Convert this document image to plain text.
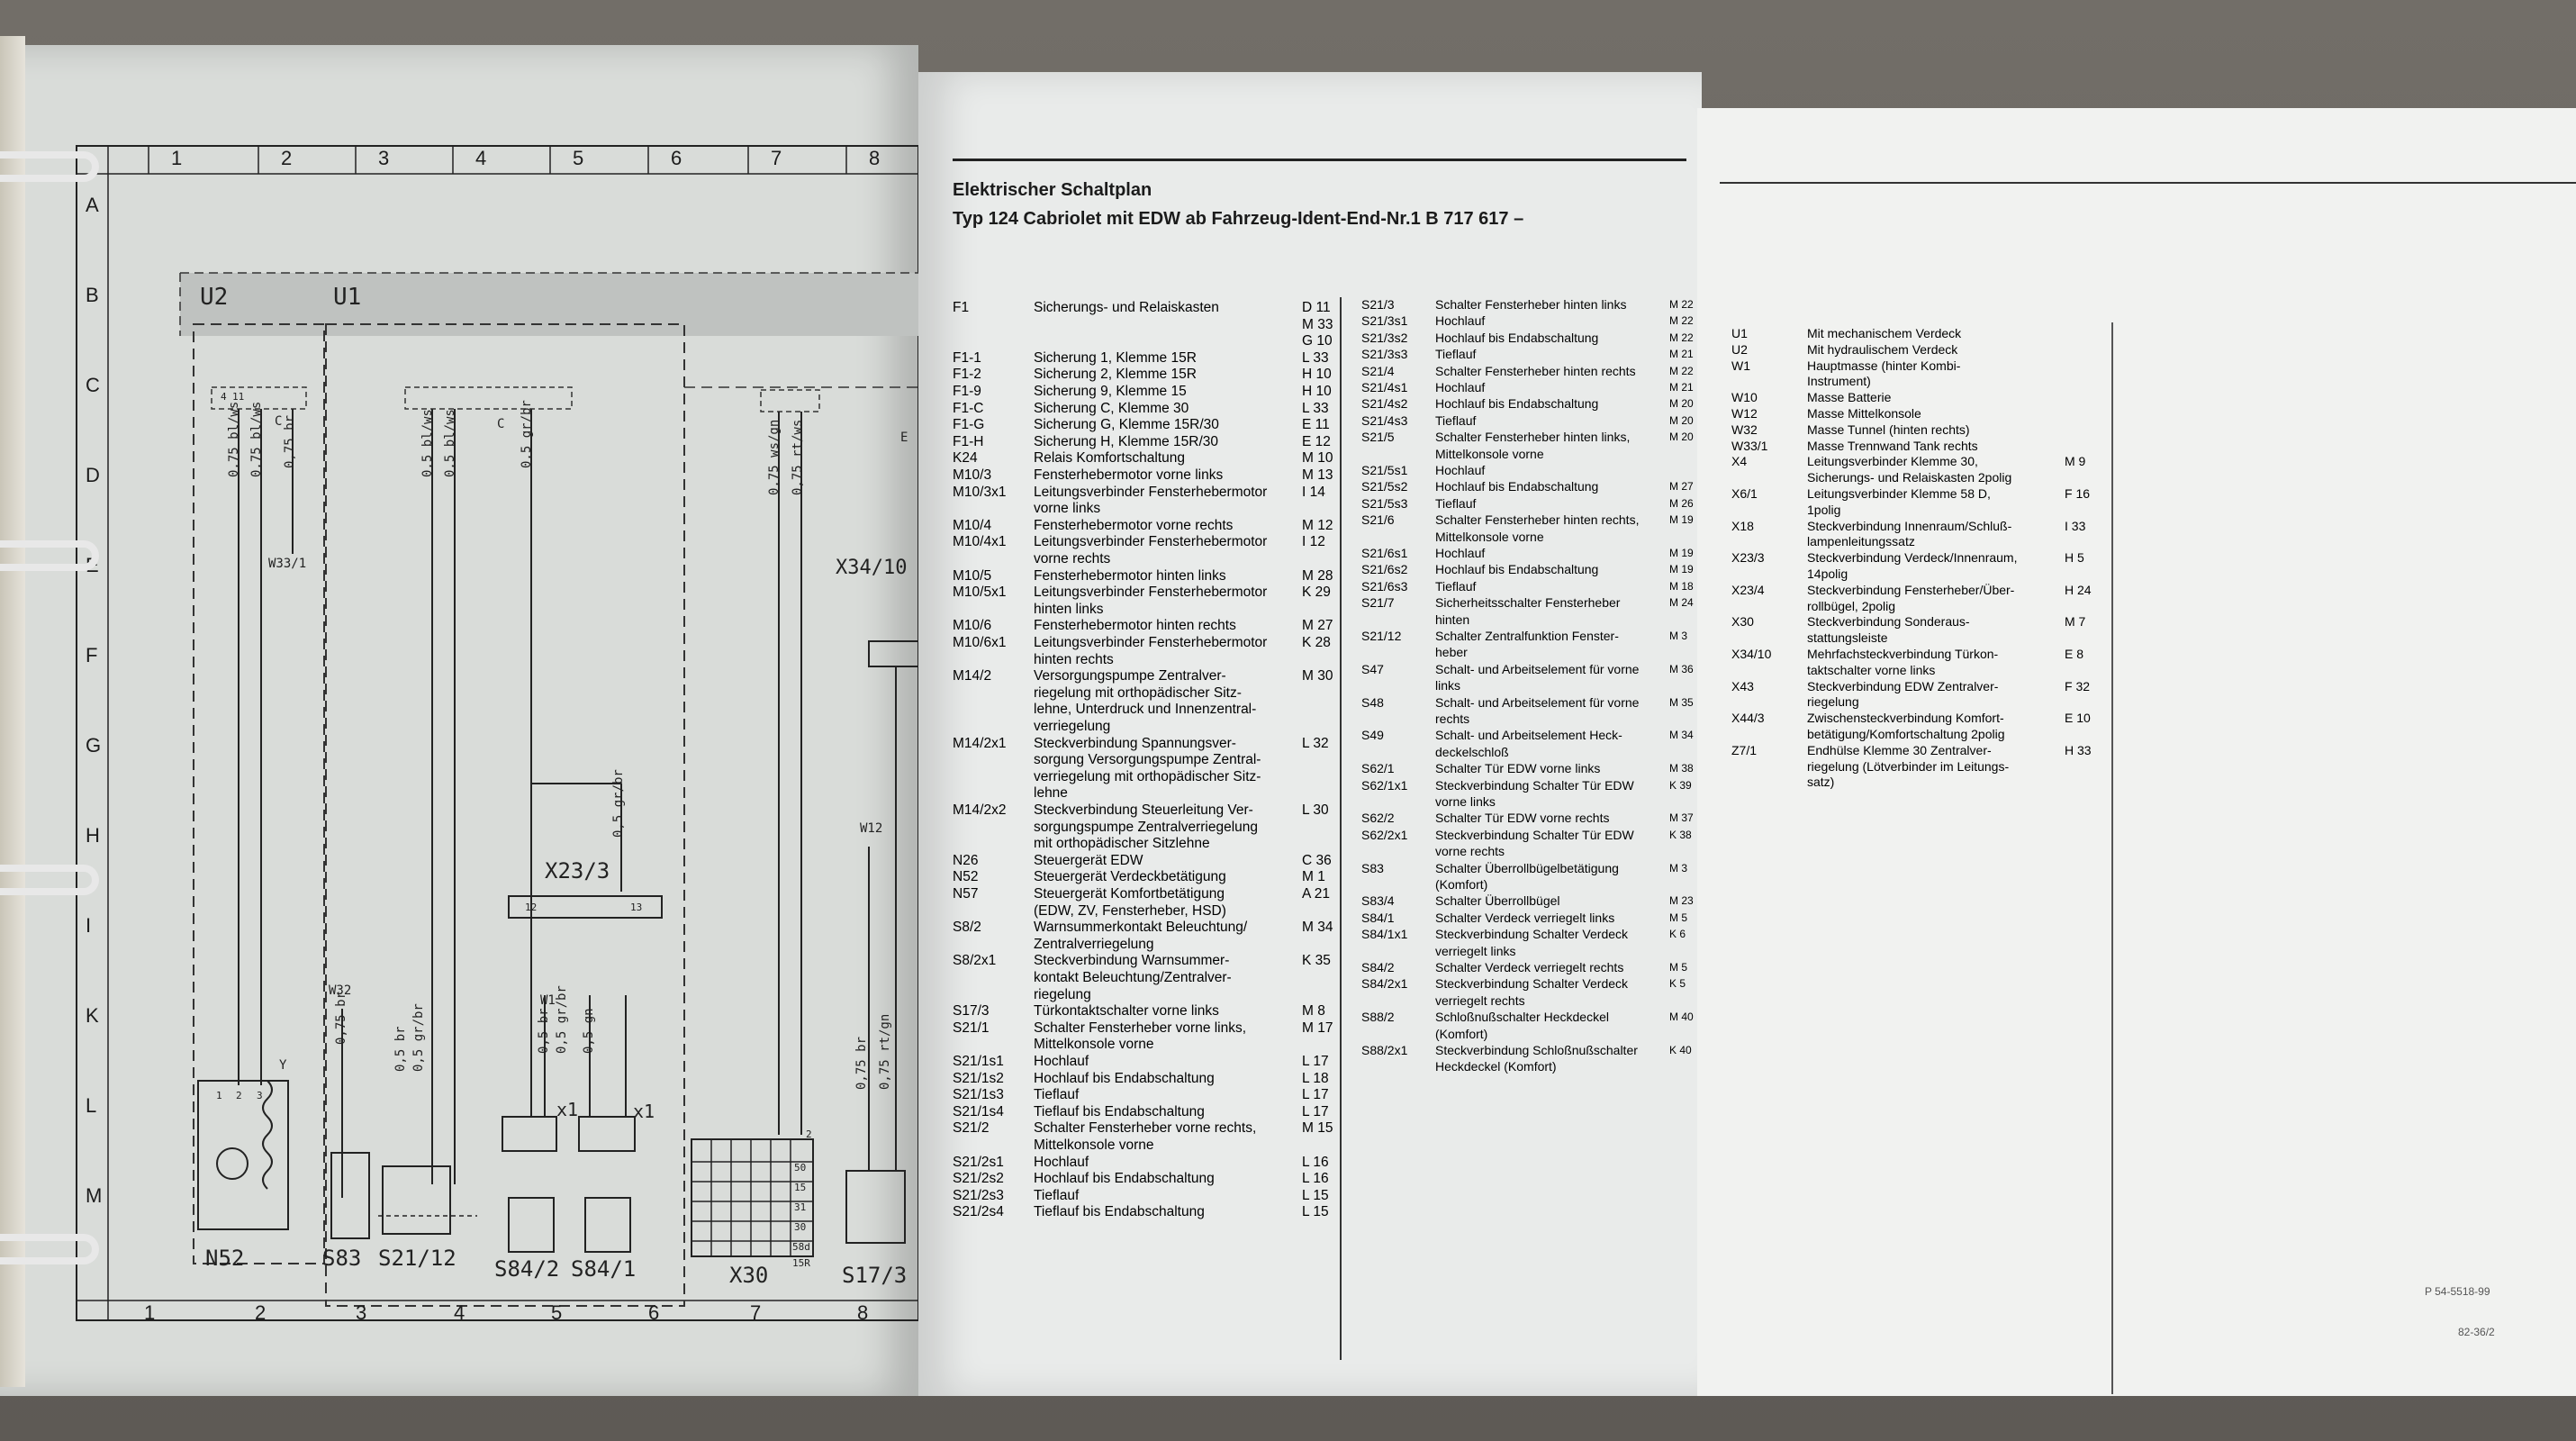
U2	U1
X34/10
X23/3
W12
W33/1
W32
W1
x1	x1
Y
C	C
E
N52	S83 S21/12 S84/2 S84/1	X30	S17/3
0,75 bl/ws 0,75 bl/ws 0,75 br	0,5 bl/ws 0,5 bl/ws	0,5 gr/br	0,75 ws/gn 0,75 rt/ws
0,5 gr/br
0,75 br
0,5 br 0,5 gr/br	0,5 br 0,5 gr/br 0,5 gn
0,75 br 0,75 rt/gn
50
15
31
30
58d
15R
1 2 3
4 11
12	13
2
1
1
2
2
3
3
4
4
5
5
6
6
7
7
8
8
A
B
C
D
E
F
G
H
I
K
L
M
Elektrischer Schaltplan
Typ 124 Cabriolet mit EDW ab Fahrzeug-Ident-End-Nr.1 B 717 617 –
F1	Sicherungs- und Relaiskasten	D 11
M 33
G 10
F1-1	Sicherung 1, Klemme 15R	L 33
F1-2	Sicherung 2, Klemme 15R	H 10
F1-9	Sicherung 9, Klemme 15	H 10
F1-C	Sicherung C, Klemme 30	L 33
F1-G	Sicherung G, Klemme 15R/30	E 11
F1-H	Sicherung H, Klemme 15R/30	E 12
K24	Relais Komfortschaltung	M 10
M10/3	Fensterhebermotor vorne links	M 13
M10/3x1 Leitungsverbinder Fensterhebermotor I 14
vorne links
M10/4	Fensterhebermotor vorne rechts	M 12
M10/4x1 Leitungsverbinder Fensterhebermotor I 12
vorne rechts
M10/5	Fensterhebermotor hinten links	M 28
M10/5x1 Leitungsverbinder Fensterhebermotor K 29
hinten links
M10/6	Fensterhebermotor hinten rechts	M 27
M10/6x1 Leitungsverbinder Fensterhebermotor K 28
hinten rechts
M14/2	Versorgungspumpe Zentralver-	M 30
riegelung mit orthopädischer Sitz-
lehne, Unterdruck und Innenzentral-
verriegelung
M14/2x1 Steckverbindung Spannungsver-	L 32
sorgung Versorgungspumpe Zentral-
verriegelung mit orthopädischer Sitz-
lehne
M14/2x2 Steckverbindung Steuerleitung Ver-	L 30
sorgungspumpe Zentralverriegelung
mit orthopädischer Sitzlehne
N26	Steuergerät EDW	C 36
N52	Steuergerät Verdeckbetätigung	M 1
N57	Steuergerät Komfortbetätigung	A 21
(EDW, ZV, Fensterheber, HSD)
S8/2	Warnsummerkontakt Beleuchtung/	M 34
Zentralverriegelung
S8/2x1	Steckverbindung Warnsummer-	K 35
kontakt Beleuchtung/Zentralver-
riegelung
S17/3	Türkontaktschalter vorne links	M 8
S21/1	Schalter Fensterheber vorne links,	M 17
Mittelkonsole vorne
S21/1s1 Hochlauf	L 17
S21/1s2 Hochlauf bis Endabschaltung	L 18
S21/1s3 Tieflauf	L 17
S21/1s4 Tieflauf bis Endabschaltung	L 17
S21/2	Schalter Fensterheber vorne rechts,	M 15
Mittelkonsole vorne
S21/2s1 Hochlauf	L 16
S21/2s2 Hochlauf bis Endabschaltung	L 16
S21/2s3 Tieflauf	L 15
S21/2s4 Tieflauf bis Endabschaltung	L 15
S21/3	Schalter Fensterheber hinten links	M 22
S21/3s1 Hochlauf	M 22
S21/3s2 Hochlauf bis Endabschaltung	M 22
S21/3s3 Tieflauf	M 21
S21/4	Schalter Fensterheber hinten rechts	M 22
S21/4s1 Hochlauf	M 21
S21/4s2 Hochlauf bis Endabschaltung	M 20
S21/4s3 Tieflauf	M 20
S21/5	Schalter Fensterheber hinten links,	M 20
Mittelkonsole vorne
S21/5s1 Hochlauf
S21/5s2 Hochlauf bis Endabschaltung	M 27
S21/5s3 Tieflauf	M 26
S21/6	Schalter Fensterheber hinten rechts,	M 19
Mittelkonsole vorne
S21/6s1 Hochlauf	M 19
S21/6s2 Hochlauf bis Endabschaltung	M 19
S21/6s3 Tieflauf	M 18
S21/7	Sicherheitsschalter Fensterheber	M 24
hinten
S21/12	Schalter Zentralfunktion Fenster-	M 3
heber
S47	Schalt- und Arbeitselement für vorne	M 36
links
S48	Schalt- und Arbeitselement für vorne	M 35
rechts
S49	Schalt- und Arbeitselement Heck-	M 34
deckelschloß
S62/1	Schalter Tür EDW vorne links	M 38
S62/1x1 Steckverbindung Schalter Tür EDW	K 39
vorne links
S62/2	Schalter Tür EDW vorne rechts	M 37
S62/2x1 Steckverbindung Schalter Tür EDW	K 38
vorne rechts
S83	Schalter Überrollbügelbetätigung	M 3
(Komfort)
S83/4	Schalter Überrollbügel	M 23
S84/1	Schalter Verdeck verriegelt links	M 5
S84/1x1 Steckverbindung Schalter Verdeck	K 6
verriegelt links
S84/2	Schalter Verdeck verriegelt rechts	M 5
S84/2x1 Steckverbindung Schalter Verdeck	K 5
verriegelt rechts
S88/2	Schloßnußschalter Heckdeckel	M 40
(Komfort)
S88/2x1 Steckverbindung Schloßnußschalter	K 40
Heckdeckel (Komfort)
U1	Mit mechanischem Verdeck
U2	Mit hydraulischem Verdeck
W1	Hauptmasse (hinter Kombi-
Instrument)
W10	Masse Batterie
W12	Masse Mittelkonsole
W32	Masse Tunnel (hinten rechts)
W33/1	Masse Trennwand Tank rechts
X4	Leitungsverbinder Klemme 30,	M 9
Sicherungs- und Relaiskasten 2polig
X6/1	Leitungsverbinder Klemme 58 D,	F 16
1polig
X18	Steckverbindung Innenraum/Schluß-	I 33
lampenleitungssatz
X23/3	Steckverbindung Verdeck/Innenraum,	H 5
14polig
X23/4	Steckverbindung Fensterheber/Über-	H 24
rollbügel, 2polig
X30	Steckverbindung Sonderaus-	M 7
stattungsleiste
X34/10	Mehrfachsteckverbindung Türkon-	E 8
taktschalter vorne links
X43	Steckverbindung EDW Zentralver-	F 32
riegelung
X44/3	Zwischensteckverbindung Komfort-	E 10
betätigung/Komfortschaltung 2polig
Z7/1	Endhülse Klemme 30 Zentralver-	H 33
riegelung (Lötverbinder im Leitungs-
satz)
P 54-5518-99
82-36/2
